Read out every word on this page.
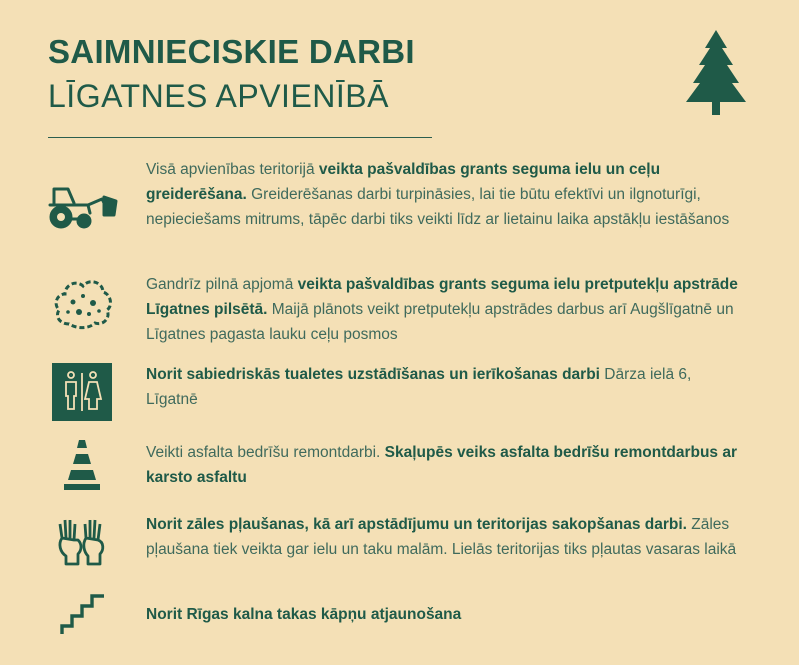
SAIMNIECISKIE DARBI
LĪGATNES APVIENĪBĀ
Visā apvienības teritorijā veikta pašvaldības grants seguma ielu un ceļu greiderēšana. Greiderēšanas darbi turpināsies, lai tie būtu efektīvi un ilgnoturīgi, nepieciešams mitrums, tāpēc darbi tiks veikti līdz ar lietainu laika apstākļu iestāšanos
Gandrīz pilnā apjomā veikta pašvaldības grants seguma ielu pretputekļu apstrāde Līgatnes pilsētā. Maijā plānots veikt pretputekļu apstrādes darbus arī Augšlīgatnē un Līgatnes pagasta lauku ceļu posmos
Norit sabiedriskās tualetes uzstādīšanas un ierīkošanas darbi Dārza ielā 6, Līgatnē
Veikti asfalta bedrīšu remontdarbi. Skaļupēs veiks asfalta bedrīšu remontdarbus ar karsto asfaltu
Norit zāles pļaušanas, kā arī apstādījumu un teritorijas sakopšanas darbi. Zāles pļaušana tiek veikta gar ielu un taku malām. Lielās teritorijas tiks pļautas vasaras laikā
Norit Rīgas kalna takas kāpņu atjaunošana
